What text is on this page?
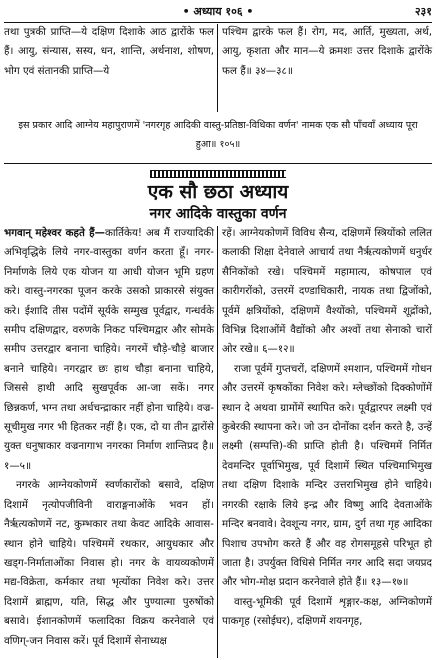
• अध्याय १०६ •	२३१

तथा पुत्रकी प्राप्ति—ये दक्षिण दिशाके आठ द्वारोंके फल हैं। आयु, संन्यास, सस्य, धन, शान्ति, अर्थनाश, शोषण, भोग एवं संतानकी प्राप्ति—ये

पश्चिम द्वारके फल हैं। रोग, मद, आर्ति, मुख्यता, अर्थ, आयु, कृशता और मान—ये क्रमशः उत्तर दिशाके द्वारोंके फल हैं॥ ३४—३८॥

इस प्रकार आदि आग्नेय महापुराणमें 'नगरगृह आदिकी वास्तु-प्रतिष्ठा-विधिका वर्णन' नामक एक सौ पाँचवाँ अध्याय पूरा हुआ॥ १०५॥

एक सौ छठा अध्याय

नगर आदिके वास्तुका वर्णन

भगवान् महेश्वर कहते हैं—कार्तिकेय! अब मैं राज्यादिकी अभिवृद्धिके लिये नगर-वास्तुका वर्णन करता हूँ। नगर-निर्माणके लिये एक योजन या आधी योजन भूमि ग्रहण करे। वास्तु-नगरका पूजन करके उसको प्राकारसे संयुक्त करे। ईशादि तीस पदोंमें सूर्यके सम्मुख पूर्वद्वार, गन्धर्वके समीप दक्षिणद्वार, वरुणके निकट पश्चिमद्वार और सोमके समीप उत्तरद्वार बनाना चाहिये। नगरमें चौड़े-चौड़े बाजार बनाने चाहिये। नगरद्वार छः हाथ चौड़ा बनाना चाहिये, जिससे हाथी आदि सुखपूर्वक आ-जा सकें। नगर छिन्नकर्ण, भग्न तथा अर्धचन्द्राकार नहीं होना चाहिये। वज्र-सूचीमुख नगर भी हितकर नहीं है। एक, दो या तीन द्वारोंसे युक्त धनुषाकार वज्रनागाभ नगरका निर्माण शान्तिप्रद है॥ १—५॥

नगरके आग्नेयकोणमें स्वर्णकारोंको बसावे, दक्षिण दिशामें नृत्योपजीविनी वाराङ्गनाओंके भवन हों। नैर्ऋत्यकोणमें नट, कुम्भकार तथा केवट आदिके आवास-स्थान होने चाहिये। पश्चिममें रथकार, आयुधकार और खड्ग-निर्माताओंका निवास हो। नगर के वायव्यकोणमें मद्य-विक्रेता, कर्मकार तथा भृत्योंका निवेश करे। उत्तर दिशामें ब्राह्मण, यति, सिद्ध और पुण्यात्मा पुरुषोंको बसावे। ईशानकोणमें फलादिका विक्रय करनेवाले एवं वणिग्-जन निवास करें। पूर्व दिशामें सेनाध्यक्ष

रहें। आग्नेयकोणमें विविध सैन्य, दक्षिणमें स्त्रियोंको ललित कलाकी शिक्षा देनेवाले आचार्य तथा नैर्ऋत्यकोणमें धनुर्धर सैनिकोंको रखे। पश्चिममें महामात्य, कोषपाल एवं कारीगरोंको, उत्तरमें दण्डाधिकारी, नायक तथा द्विजोंको, पूर्वमें क्षत्रियोंको, दक्षिणमें वैश्योंको, पश्चिममें शूद्रोंको, विभिन्न दिशाओंमें वैद्योंको और अश्वों तथा सेनाको चारों ओर रखे॥ ६—१२॥

राजा पूर्वमें गुप्तचरों, दक्षिणमें श्मशान, पश्चिममें गोधन और उत्तरमें कृषकोंका निवेश करे। म्लेच्छोंको दिक्कोणोंमें स्थान दे अथवा ग्रामोंमें स्थापित करे। पूर्वद्वारपर लक्ष्मी एवं कुबेरकी स्थापना करे। जो उन दोनोंका दर्शन करते है, उन्हें लक्ष्मी (सम्पत्ति)-की प्राप्ति होती है। पश्चिममें निर्मित देवमन्दिर पूर्वाभिमुख, पूर्व दिशामें स्थित पश्चिमाभिमुख तथा दक्षिण दिशाके मन्दिर उत्तराभिमुख होने चाहिये। नगरकी रक्षाके लिये इन्द्र और विष्णु आदि देवताओंके मन्दिर बनवावे। देवशून्य नगर, ग्राम, दुर्ग तथा गृह आदिका पिशाच उपभोग करते हैं और वह रोगसमूहसे परिभूत हो जाता है। उपर्युक्त विधिसे निर्मित नगर आदि सदा जयप्रद और भोग-मोक्ष प्रदान करनेवाले होते हैं॥ १३—१७॥

वास्तु-भूमिकी पूर्व दिशामें शृङ्गार-कक्ष, अग्निकोणमें पाकगृह (रसोईघर), दक्षिणमें शयनगृह,
